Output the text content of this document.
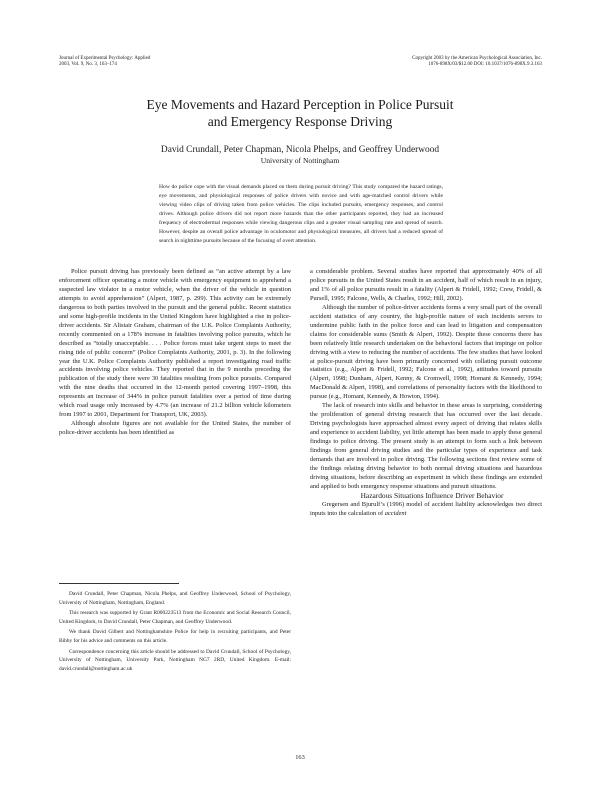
Journal of Experimental Psychology: Applied
2003, Vol. 9, No. 3, 163–174
Copyright 2003 by the American Psychological Association, Inc.
1076-898X/03/$12.00 DOI: 10.1037/1076-898X.9.3.163
Eye Movements and Hazard Perception in Police Pursuit
and Emergency Response Driving
David Crundall, Peter Chapman, Nicola Phelps, and Geoffrey Underwood
University of Nottingham
How do police cope with the visual demands placed on them during pursuit driving? This study compared the hazard ratings, eye movements, and physiological responses of police drivers with novice and with age-matched control drivers while viewing video clips of driving taken from police vehicles. The clips included pursuits, emergency responses, and control drives. Although police drivers did not report more hazards than the other participants reported, they had an increased frequency of electrodermal responses while viewing dangerous clips and a greater visual sampling rate and spread of search. However, despite an overall police advantage in oculomotor and physiological measures, all drivers had a reduced spread of search in nighttime pursuits because of the focusing of overt attention.

Police pursuit driving has previously been defined as “an active attempt by a law enforcement officer operating a motor vehicle with emergency equipment to apprehend a suspected law violator in a motor vehicle, when the driver of the vehicle in question attempts to avoid apprehension” (Alpert, 1987, p. 299). This activity can be extremely dangerous to both parties involved in the pursuit and the general public. Recent statistics and some high-profile incidents in the United Kingdom have highlighted a rise in police-driver accidents. Sir Alistair Graham, chairman of the U.K. Police Complaints Authority, recently commented on a 178% increase in fatalities involving police pursuits, which he described as “totally unacceptable. . . . Police forces must take urgent steps to meet the rising tide of public concern” (Police Complaints Authority, 2001, p. 3). In the following year the U.K. Police Complaints Authority published a report investigating road traffic accidents involving police vehicles. They reported that in the 9 months preceding the publication of the study there were 30 fatalities resulting from police pursuits. Compared with the nine deaths that occurred in the 12-month period covering 1997–1998, this represents an increase of 344% in police pursuit fatalities over a period of time during which road usage only increased by 4.7% (an increase of 21.2 billion vehicle kilometers from 1997 to 2001, Department for Transport, UK, 2003).

Although absolute figures are not available for the United States, the number of police-driver accidents has been identified as

David Crundall, Peter Chapman, Nicola Phelps, and Geoffrey Underwood, School of Psychology, University of Nottingham, Nottingham, England.

This research was supported by Grant R000223513 from the Economic and Social Research Council, United Kingdom, to David Crundall, Peter Chapman, and Geoffrey Underwood.

We thank David Gilbert and Nottinghamshire Police for help in recruiting participants, and Peter Bibby for his advice and comments on this article.

Correspondence concerning this article should be addressed to David Crundall, School of Psychology, University of Nottingham, University Park, Nottingham NG7 2RD, United Kingdom. E-mail: david.crundall@nottingham.ac.uk

a considerable problem. Several studies have reported that approximately 40% of all police pursuits in the United States result in an accident, half of which result in an injury, and 1% of all police pursuits result in a fatality (Alpert & Fridell, 1992; Crew, Fridell, & Pursell, 1995; Falcone, Wells, & Charles, 1992; Hill, 2002).

Although the number of police-driver accidents forms a very small part of the overall accident statistics of any country, the high-profile nature of such incidents serves to undermine public faith in the police force and can lead to litigation and compensation claims for considerable sums (Smith & Alpert, 1992). Despite these concerns there has been relatively little research undertaken on the behavioral factors that impinge on police driving with a view to reducing the number of accidents. The few studies that have looked at police-pursuit driving have been primarily concerned with collating pursuit outcome statistics (e.g., Alpert & Fridell, 1992; Falcone et al., 1992), attitudes toward pursuits (Alpert, 1998; Dunham, Alpert, Kenny, & Cromwell, 1998; Homant & Kennedy, 1994; MacDonald & Alpert, 1998), and correlations of personality factors with the likelihood to pursue (e.g., Homant, Kennedy, & Howton, 1994).

The lack of research into skills and behavior in these areas is surprising, considering the proliferation of general driving research that has occurred over the last decade. Driving psychologists have approached almost every aspect of driving that relates skills and experience to accident liability, yet little attempt has been made to apply these general findings to police driving. The present study is an attempt to form such a link between findings from general driving studies and the particular types of experience and task demands that are involved in police driving. The following sections first review some of the findings relating driving behavior to both normal driving situations and hazardous driving situations, before describing an experiment in which these findings are extended and applied to both emergency response situations and pursuit situations.

Hazardous Situations Influence Driver Behavior

Gregersen and Bjurulf’s (1996) model of accident liability acknowledges two direct inputs into the calculation of accident

163
